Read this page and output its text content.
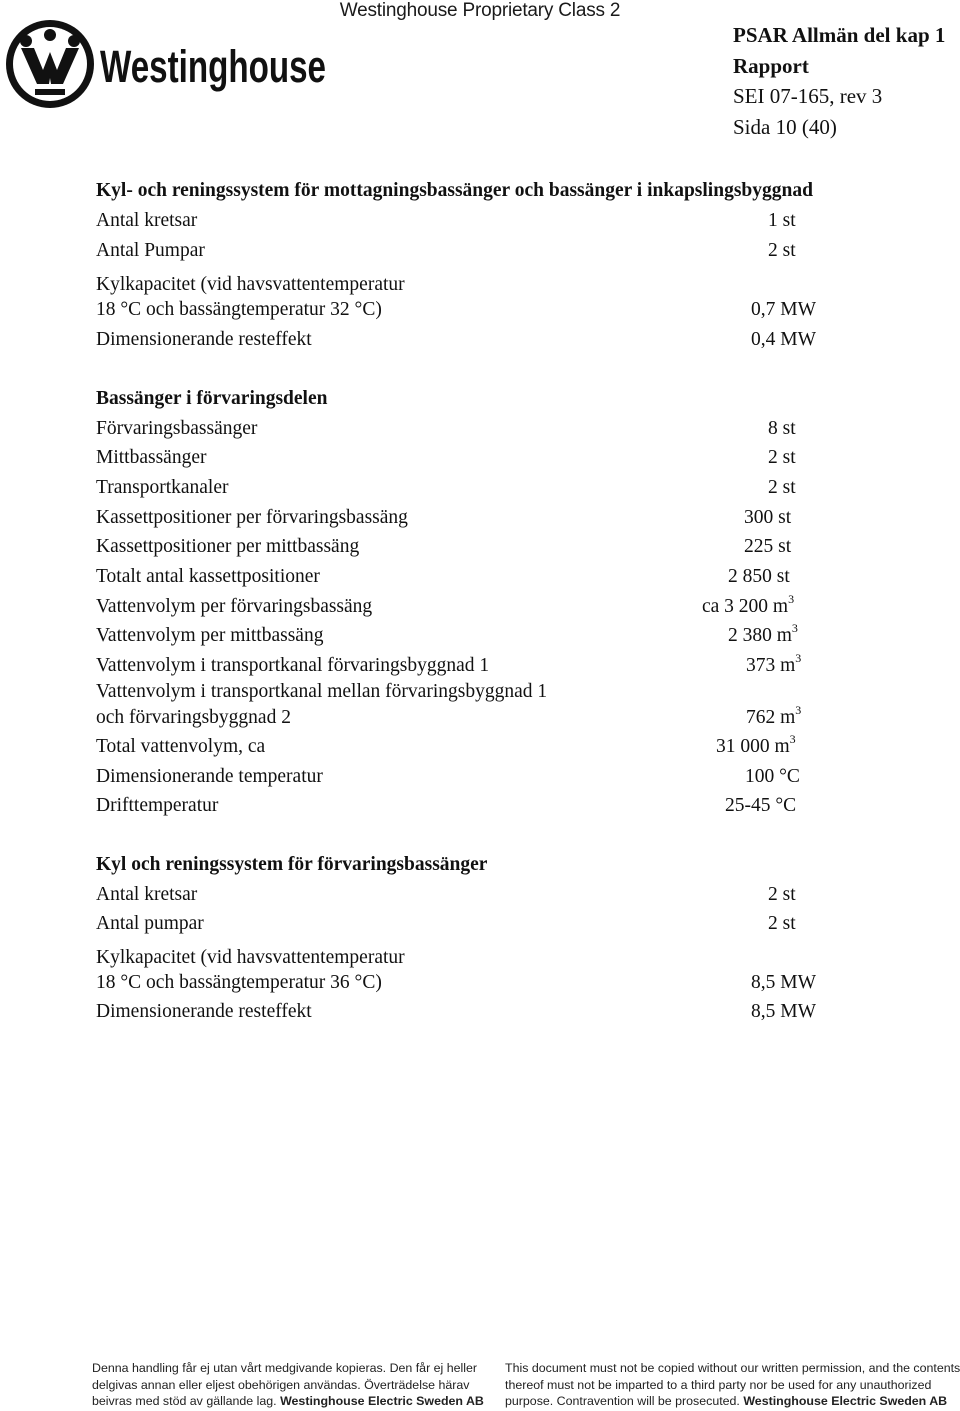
Westinghouse Proprietary Class 2
Westinghouse
PSAR Allmän del kap 1
Rapport
SEI 07-165, rev 3
Sida 10 (40)
Kyl- och reningssystem för mottagningsbassänger och bassänger i inkapslingsbyggnad
Antal kretsar	1 st
Antal Pumpar	2 st
Kylkapacitet (vid havsvattentemperatur
18 °C och bassängtemperatur 32 °C)	0,7 MW
Dimensionerande resteffekt	0,4 MW
Bassänger i förvaringsdelen
Förvaringsbassänger	8 st
Mittbassänger	2 st
Transportkanaler	2 st
Kassettpositioner per förvaringsbassäng	300 st
Kassettpositioner per mittbassäng	225 st
Totalt antal kassettpositioner	2 850 st
Vattenvolym per förvaringsbassäng	ca 3 200 $m^3$
Vattenvolym per mittbassäng	2 380 $m^3$
Vattenvolym i transportkanal förvaringsbyggnad 1	373 $m^3$
Vattenvolym i transportkanal mellan förvaringsbyggnad 1
och förvaringsbyggnad 2	762 $m^3$
Total vattenvolym, ca	31 000 $m^3$
Dimensionerande temperatur	100 °C
Drifttemperatur	25-45 °C
Kyl och reningssystem för förvaringsbassänger
Antal kretsar	2 st
Antal pumpar	2 st
Kylkapacitet (vid havsvattentemperatur
18 °C och bassängtemperatur 36 °C)	8,5 MW
Dimensionerande resteffekt	8,5 MW
Denna handling får ej utan vårt medgivande kopieras. Den får ej heller
delgivas annan eller eljest obehörigen användas. Överträdelse härav
beivras med stöd av gällande lag. Westinghouse Electric Sweden AB
This document must not be copied without our written permission, and the contents
thereof must not be imparted to a third party nor be used for any unauthorized
purpose. Contravention will be prosecuted. Westinghouse Electric Sweden AB
